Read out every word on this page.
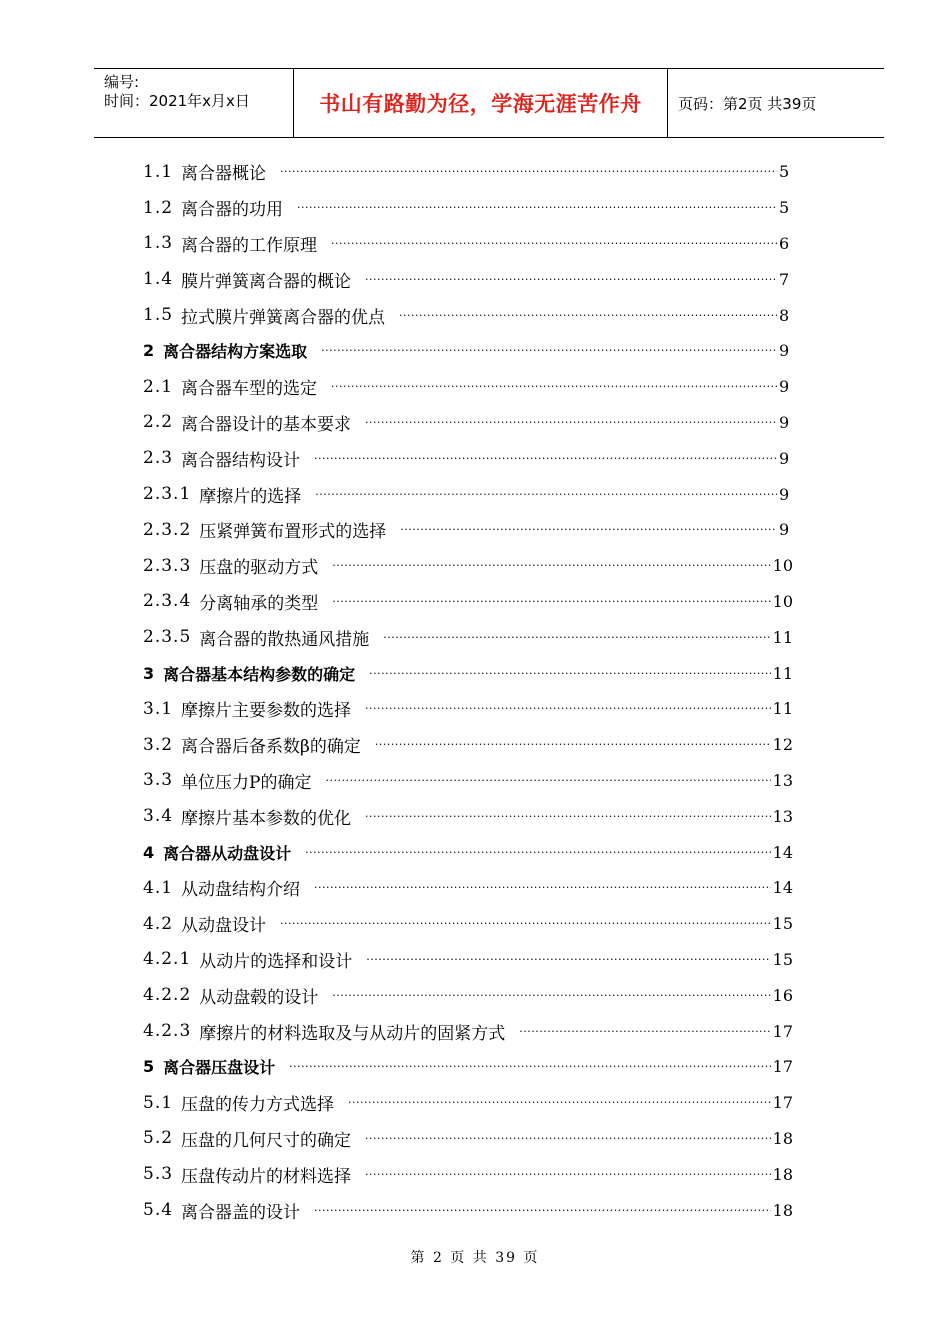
编号:
时间：2021年x月x日	书山有路勤为径，学海无涯苦作舟 页码：第2页 共39页
1.1 离合器概论 ·····	5
1.2 离合器的功用 ·····	5
1.3 离合器的工作原理 ·····	6
1.4 膜片弹簧离合器的概论 ·····	7
1.5 拉式膜片弹簧离合器的优点 ·····	8
2 离合器结构方案选取 ·····	9
2.1 离合器车型的选定 ·····	9
2.2 离合器设计的基本要求 ·····	9
2.3 离合器结构设计 ·····	9
2.3.1 摩擦片的选择 ·····	9
2.3.2 压紧弹簧布置形式的选择 ·····	9
2.3.3 压盘的驱动方式 ·····	10
2.3.4 分离轴承的类型 ·····	10
2.3.5 离合器的散热通风措施 ·····	11
3 离合器基本结构参数的确定 ·····	11
3.1 摩擦片主要参数的选择 ·····	11
3.2 离合器后备系数β的确定 ·····	12
3.3 单位压力P的确定 ·····	13
3.4 摩擦片基本参数的优化 ·····	13
4 离合器从动盘设计 ·····	14
4.1 从动盘结构介绍 ·····	14
4.2 从动盘设计 ·····	15
4.2.1 从动片的选择和设计 ·····	15
4.2.2 从动盘毂的设计 ·····	16
4.2.3 摩擦片的材料选取及与从动片的固紧方式 ·····	17
5 离合器压盘设计 ·····	17
5.1 压盘的传力方式选择 ·····	17
5.2 压盘的几何尺寸的确定 ·····	18
5.3 压盘传动片的材料选择 ·····	18
5.4 离合器盖的设计 ·····	18
第 2 页 共 39 页
